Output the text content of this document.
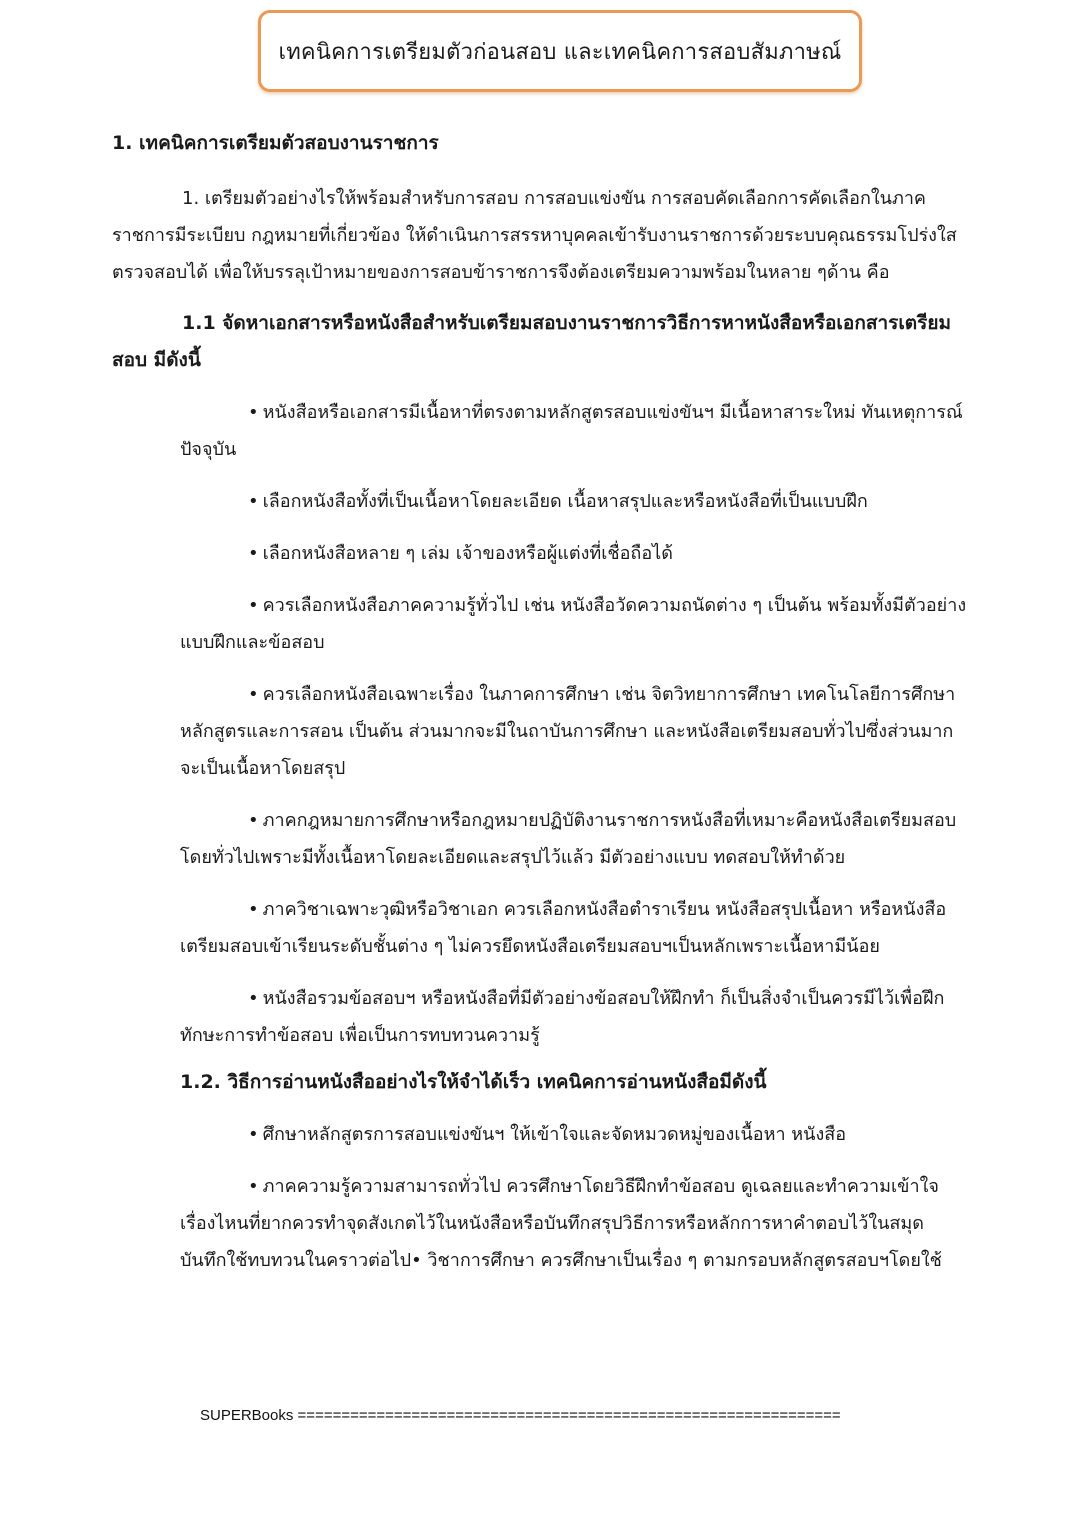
เทคนิคการเตรียมตัวก่อนสอบ และเทคนิคการสอบสัมภาษณ์
1. เทคนิคการเตรียมตัวสอบงานราชการ

1. เตรียมตัวอย่างไรให้พร้อมสำหรับการสอบ การสอบแข่งขัน การสอบคัดเลือกการคัดเลือกในภาคราชการมีระเบียบ กฎหมายที่เกี่ยวข้อง ให้ดำเนินการสรรหาบุคคลเข้ารับงานราชการด้วยระบบคุณธรรมโปร่งใส ตรวจสอบได้ เพื่อให้บรรลุเป้าหมายของการสอบข้าราชการจึงต้องเตรียมความพร้อมในหลาย ๆด้าน คือ

1.1 จัดหาเอกสารหรือหนังสือสำหรับเตรียมสอบงานราชการวิธีการหาหนังสือหรือเอกสารเตรียมสอบ มีดังนี้

• หนังสือหรือเอกสารมีเนื้อหาที่ตรงตามหลักสูตรสอบแข่งขันฯ มีเนื้อหาสาระใหม่ ทันเหตุการณ์ปัจจุบัน

• เลือกหนังสือทั้งที่เป็นเนื้อหาโดยละเอียด เนื้อหาสรุปและหรือหนังสือที่เป็นแบบฝึก

• เลือกหนังสือหลาย ๆ เล่ม เจ้าของหรือผู้แต่งที่เชื่อถือได้

• ควรเลือกหนังสือภาคความรู้ทั่วไป เช่น หนังสือวัดความถนัดต่าง ๆ เป็นต้น พร้อมทั้งมีตัวอย่างแบบฝึกและข้อสอบ

• ควรเลือกหนังสือเฉพาะเรื่อง ในภาคการศึกษา เช่น จิตวิทยาการศึกษา เทคโนโลยีการศึกษาหลักสูตรและการสอน เป็นต้น ส่วนมากจะมีในถาบันการศึกษา และหนังสือเตรียมสอบทั่วไปซึ่งส่วนมากจะเป็นเนื้อหาโดยสรุป

• ภาคกฎหมายการศึกษาหรือกฎหมายปฏิบัติงานราชการหนังสือที่เหมาะคือหนังสือเตรียมสอบโดยทั่วไปเพราะมีทั้งเนื้อหาโดยละเอียดและสรุปไว้แล้ว มีตัวอย่างแบบ ทดสอบให้ทำด้วย

• ภาควิชาเฉพาะวุฒิหรือวิชาเอก ควรเลือกหนังสือตำราเรียน หนังสือสรุปเนื้อหา หรือหนังสือเตรียมสอบเข้าเรียนระดับชั้นต่าง ๆ ไม่ควรยึดหนังสือเตรียมสอบฯเป็นหลักเพราะเนื้อหามีน้อย

• หนังสือรวมข้อสอบฯ หรือหนังสือที่มีตัวอย่างข้อสอบให้ฝึกทำ ก็เป็นสิ่งจำเป็นควรมีไว้เพื่อฝึกทักษะการทำข้อสอบ เพื่อเป็นการทบทวนความรู้

1.2. วิธีการอ่านหนังสืออย่างไรให้จำได้เร็ว เทคนิคการอ่านหนังสือมีดังนี้

• ศึกษาหลักสูตรการสอบแข่งขันฯ ให้เข้าใจและจัดหมวดหมู่ของเนื้อหา หนังสือ

• ภาคความรู้ความสามารถทั่วไป ควรศึกษาโดยวิธีฝึกทำข้อสอบ ดูเฉลยและทำความเข้าใจเรื่องไหนที่ยากควรทำจุดสังเกตไว้ในหนังสือหรือบันทึกสรุปวิธีการหรือหลักการหาคำตอบไว้ในสมุดบันทึกใช้ทบทวนในคราวต่อไป• วิชาการศึกษา ควรศึกษาเป็นเรื่อง ๆ ตามกรอบหลักสูตรสอบฯโดยใช้

SUPERBooks ==============================================================
